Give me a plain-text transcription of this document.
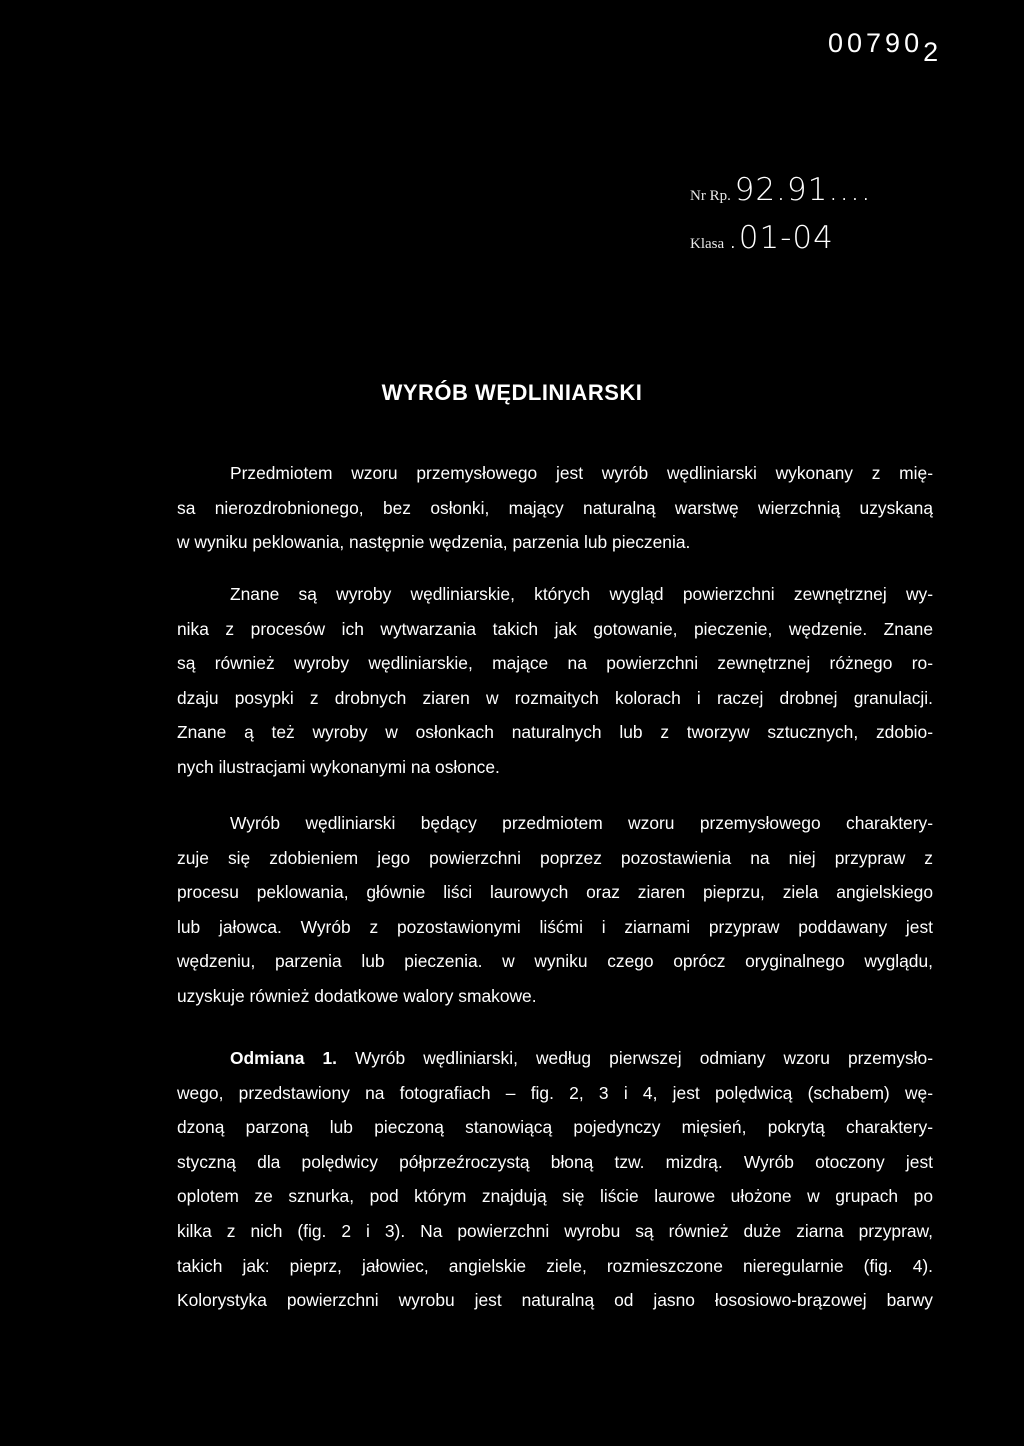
007902
Nr Rp. 92.91....
Klasa .01-04
WYRÓB WĘDLINIARSKI
Przedmiotem wzoru przemysłowego jest wyrób wędliniarski wykonany z mię-
sa nierozdrobnionego, bez osłonki, mający naturalną warstwę wierzchnią uzyskaną
w wyniku peklowania, następnie wędzenia, parzenia lub pieczenia.
Znane są wyroby wędliniarskie, których wygląd powierzchni zewnętrznej wy-
nika z procesów ich wytwarzania takich jak gotowanie, pieczenie, wędzenie. Znane
są również wyroby wędliniarskie, mające na powierzchni zewnętrznej różnego ro-
dzaju posypki z drobnych ziaren w rozmaitych kolorach i raczej drobnej granulacji.
Znane ą też wyroby w osłonkach naturalnych lub z tworzyw sztucznych, zdobio-
nych ilustracjami wykonanymi na osłonce.
Wyrób wędliniarski będący przedmiotem wzoru przemysłowego charaktery-
zuje się zdobieniem jego powierzchni poprzez pozostawienia na niej przypraw z
procesu peklowania, głównie liści laurowych oraz ziaren pieprzu, ziela angielskiego
lub jałowca. Wyrób z pozostawionymi liśćmi i ziarnami przypraw poddawany jest
wędzeniu, parzenia lub pieczenia. w wyniku czego oprócz oryginalnego wyglądu,
uzyskuje również dodatkowe walory smakowe.
Odmiana 1. Wyrób wędliniarski, według pierwszej odmiany wzoru przemysło-
wego, przedstawiony na fotografiach – fig. 2, 3 i 4, jest polędwicą (schabem) wę-
dzoną parzoną lub pieczoną stanowiącą pojedynczy mięsień, pokrytą charaktery-
styczną dla polędwicy półprzeźroczystą błoną tzw. mizdrą. Wyrób otoczony jest
oplotem ze sznurka, pod którym znajdują się liście laurowe ułożone w grupach po
kilka z nich (fig. 2 i 3). Na powierzchni wyrobu są również duże ziarna przypraw,
takich jak: pieprz, jałowiec, angielskie ziele, rozmieszczone nieregularnie (fig. 4).
Kolorystyka powierzchni wyrobu jest naturalną od jasno łososiowo-brązowej barwy
